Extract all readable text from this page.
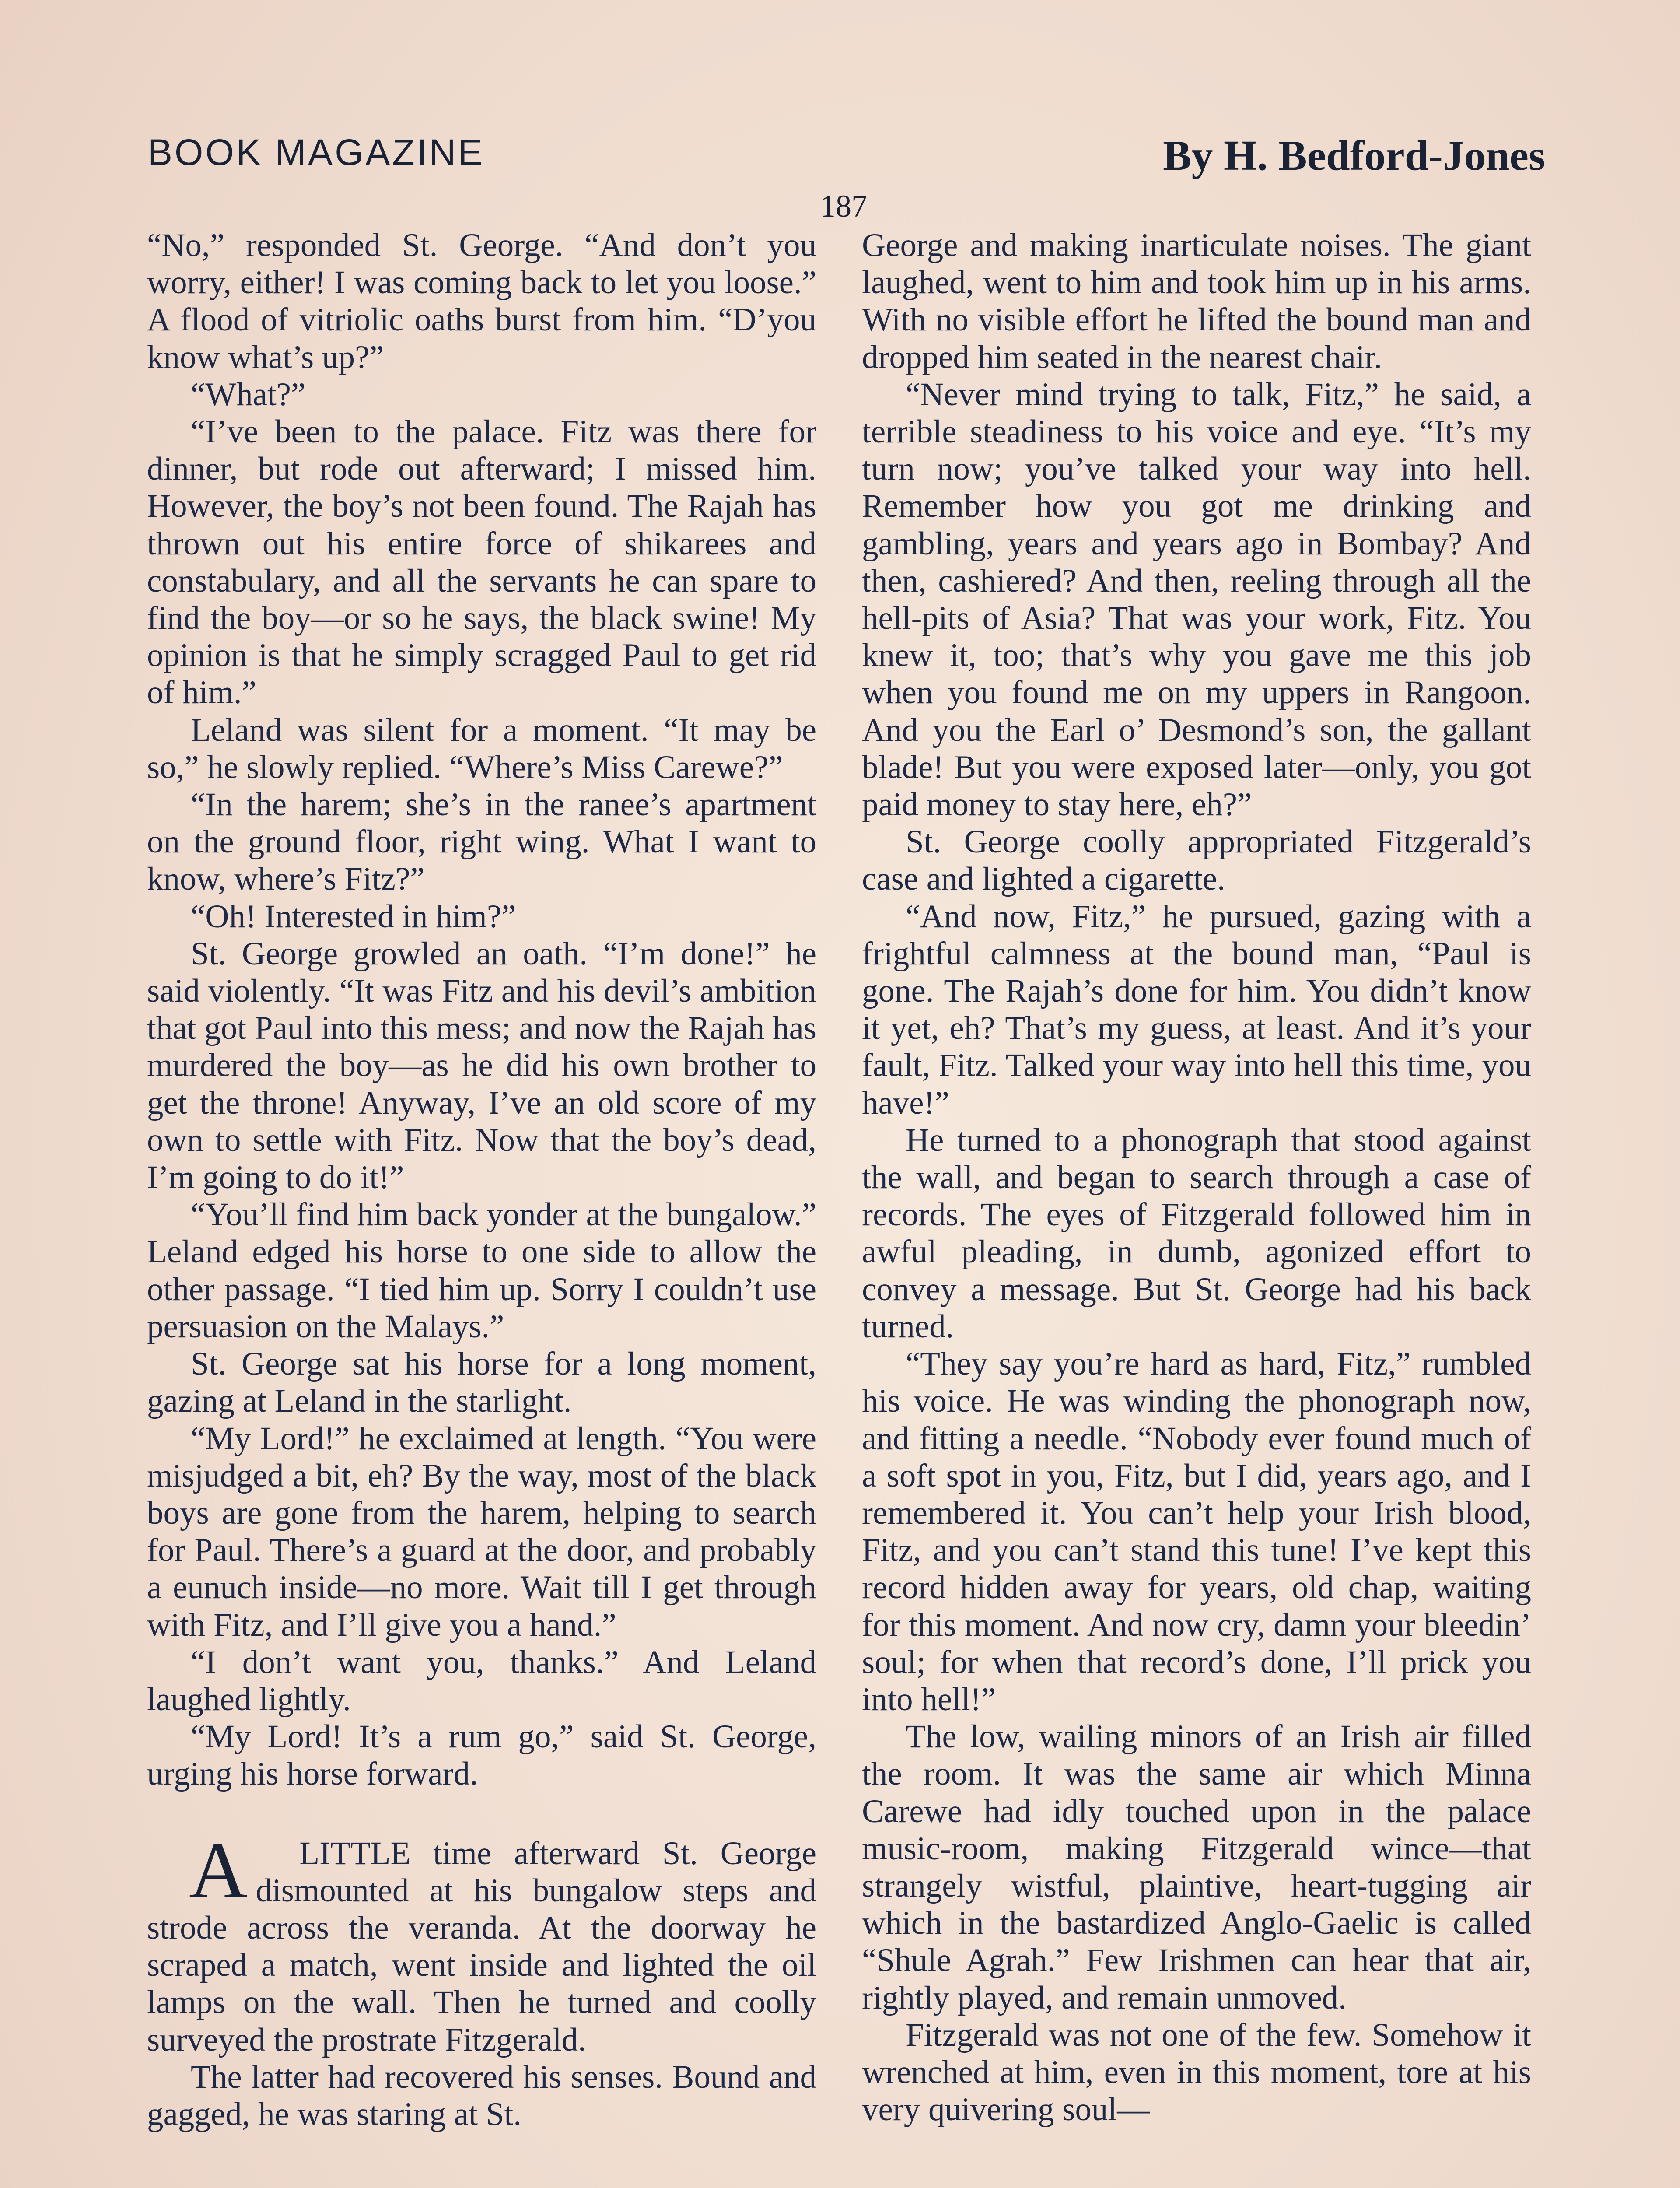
BOOK MAGAZINE	By H. Bedford-Jones
187

“No,” responded St. George. “And don’t you worry, either! I was coming back to let you loose.” A flood of vitriolic oaths burst from him. “D’you know what’s up?”

“What?”

“I’ve been to the palace. Fitz was there for dinner, but rode out afterward; I missed him. However, the boy’s not been found. The Rajah has thrown out his entire force of shikarees and constabulary, and all the servants he can spare to find the boy—or so he says, the black swine! My opinion is that he simply scragged Paul to get rid of him.”

Leland was silent for a moment. “It may be so,” he slowly replied. “Where’s Miss Carewe?”

“In the harem; she’s in the ranee’s apartment on the ground floor, right wing. What I want to know, where’s Fitz?”

“Oh! Interested in him?”

St. George growled an oath. “I’m done!” he said violently. “It was Fitz and his devil’s ambition that got Paul into this mess; and now the Rajah has murdered the boy—as he did his own brother to get the throne! Anyway, I’ve an old score of my own to settle with Fitz. Now that the boy’s dead, I’m going to do it!”

“You’ll find him back yonder at the bungalow.” Leland edged his horse to one side to allow the other passage. “I tied him up. Sorry I couldn’t use persuasion on the Malays.”

St. George sat his horse for a long moment, gazing at Leland in the starlight.

“My Lord!” he exclaimed at length. “You were misjudged a bit, eh? By the way, most of the black boys are gone from the harem, helping to search for Paul. There’s a guard at the door, and probably a eunuch inside—no more. Wait till I get through with Fitz, and I’ll give you a hand.”

“I don’t want you, thanks.” And Leland laughed lightly.

“My Lord! It’s a rum go,” said St. George, urging his horse forward.

A LITTLE time afterward St. George dismounted at his bungalow steps and strode across the veranda. At the doorway he scraped a match, went inside and lighted the oil lamps on the wall. Then he turned and coolly surveyed the prostrate Fitzgerald.

The latter had recovered his senses. Bound and gagged, he was staring at St.

George and making inarticulate noises. The giant laughed, went to him and took him up in his arms. With no visible effort he lifted the bound man and dropped him seated in the nearest chair.

“Never mind trying to talk, Fitz,” he said, a terrible steadiness to his voice and eye. “It’s my turn now; you’ve talked your way into hell. Remember how you got me drinking and gambling, years and years ago in Bombay? And then, cashiered? And then, reeling through all the hell-pits of Asia? That was your work, Fitz. You knew it, too; that’s why you gave me this job when you found me on my uppers in Rangoon. And you the Earl o’ Desmond’s son, the gallant blade! But you were exposed later—only, you got paid money to stay here, eh?”

St. George coolly appropriated Fitzgerald’s case and lighted a cigarette.

“And now, Fitz,” he pursued, gazing with a frightful calmness at the bound man, “Paul is gone. The Rajah’s done for him. You didn’t know it yet, eh? That’s my guess, at least. And it’s your fault, Fitz. Talked your way into hell this time, you have!”

He turned to a phonograph that stood against the wall, and began to search through a case of records. The eyes of Fitzgerald followed him in awful pleading, in dumb, agonized effort to convey a message. But St. George had his back turned.

“They say you’re hard as hard, Fitz,” rumbled his voice. He was winding the phonograph now, and fitting a needle. “Nobody ever found much of a soft spot in you, Fitz, but I did, years ago, and I remembered it. You can’t help your Irish blood, Fitz, and you can’t stand this tune! I’ve kept this record hidden away for years, old chap, waiting for this moment. And now cry, damn your bleedin’ soul; for when that record’s done, I’ll prick you into hell!”

The low, wailing minors of an Irish air filled the room. It was the same air which Minna Carewe had idly touched upon in the palace music-room, making Fitzgerald wince—that strangely wistful, plaintive, heart-tugging air which in the bastardized Anglo-Gaelic is called “Shule Agrah.” Few Irishmen can hear that air, rightly played, and remain unmoved.

Fitzgerald was not one of the few. Somehow it wrenched at him, even in this moment, tore at his very quivering soul—
